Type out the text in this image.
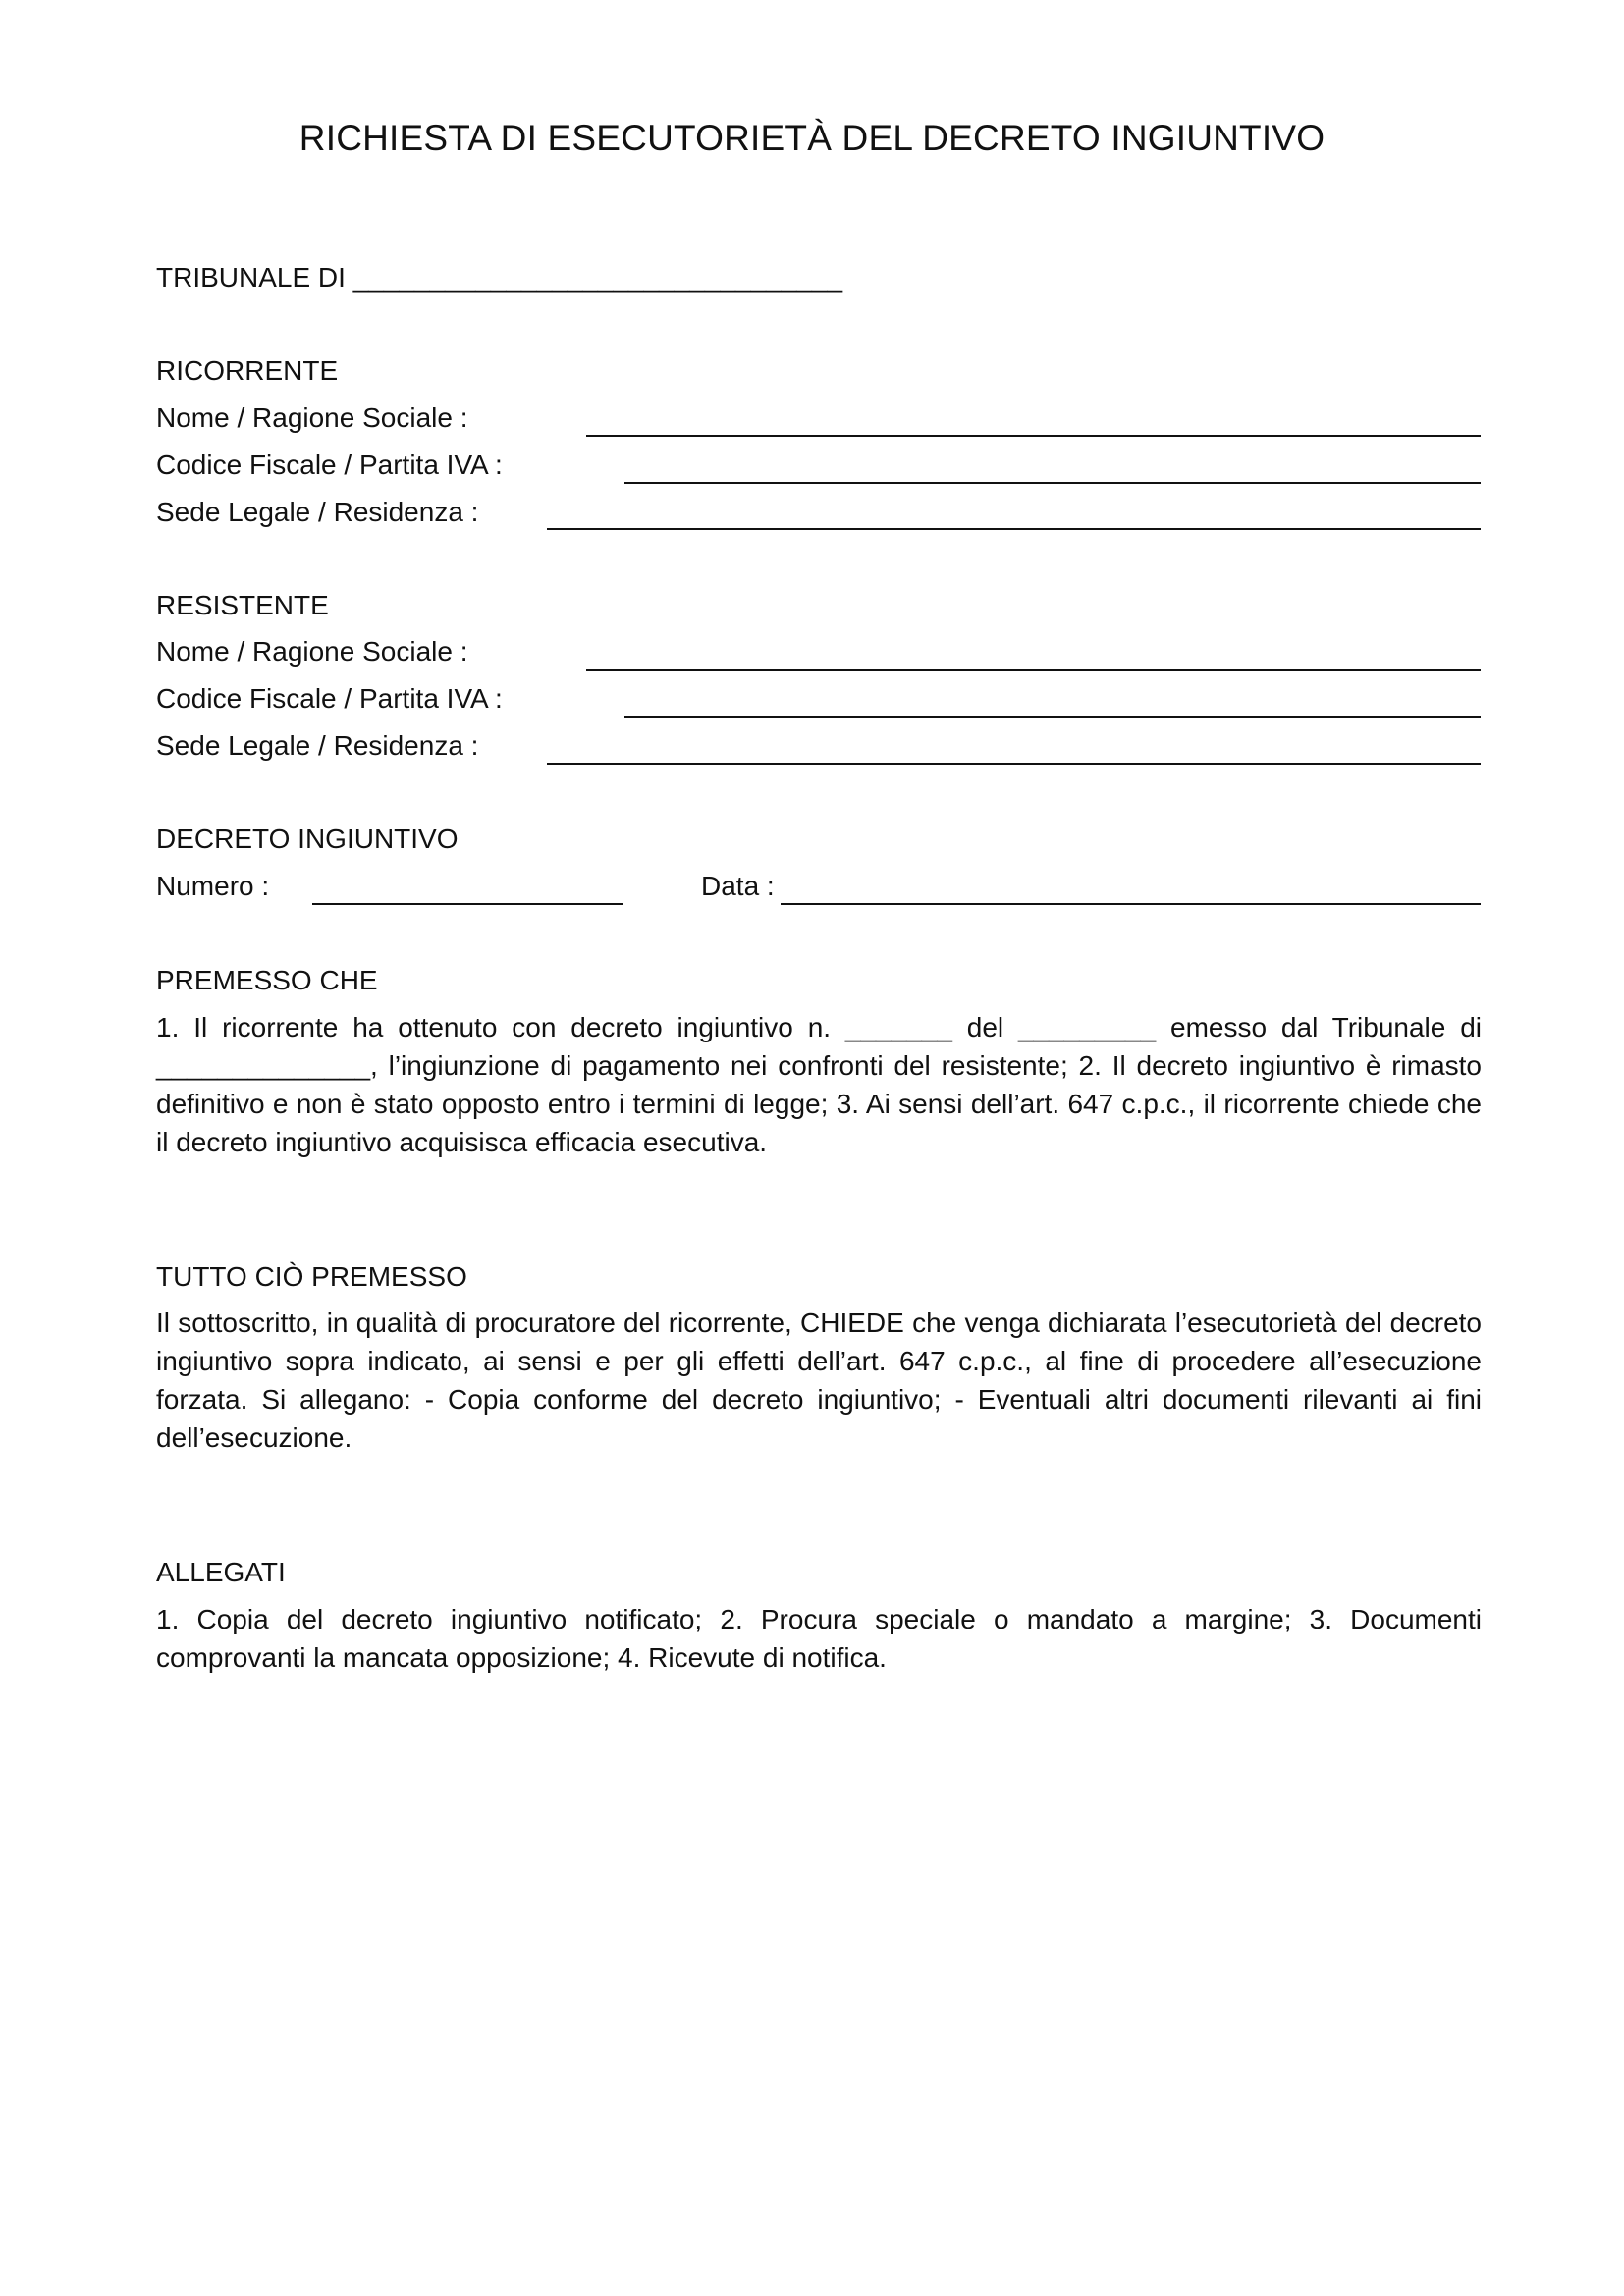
RICHIESTA DI ESECUTORIETÀ DEL DECRETO INGIUNTIVO
TRIBUNALE DI ________________________________
RICORRENTE
Nome / Ragione Sociale :
Codice Fiscale / Partita IVA :
Sede Legale / Residenza :
RESISTENTE
Nome / Ragione Sociale :
Codice Fiscale / Partita IVA :
Sede Legale / Residenza :
DECRETO INGIUNTIVO
Numero :	Data :
PREMESSO CHE
1. Il ricorrente ha ottenuto con decreto ingiuntivo n. _______ del _________ emesso dal Tribunale di ______________, l’ingiunzione di pagamento nei confronti del resistente; 2. Il decreto ingiuntivo è rimasto definitivo e non è stato opposto entro i termini di legge; 3. Ai sensi dell’art. 647 c.p.c., il ricorrente chiede che il decreto ingiuntivo acquisisca efficacia esecutiva.
TUTTO CIÒ PREMESSO
Il sottoscritto, in qualità di procuratore del ricorrente, CHIEDE che venga dichiarata l’esecutorietà del decreto ingiuntivo sopra indicato, ai sensi e per gli effetti dell’art. 647 c.p.c., al fine di procedere all’esecuzione forzata. Si allegano: - Copia conforme del decreto ingiuntivo; - Eventuali altri documenti rilevanti ai fini dell’esecuzione.
ALLEGATI
1. Copia del decreto ingiuntivo notificato; 2. Procura speciale o mandato a margine; 3. Documenti comprovanti la mancata opposizione; 4. Ricevute di notifica.
